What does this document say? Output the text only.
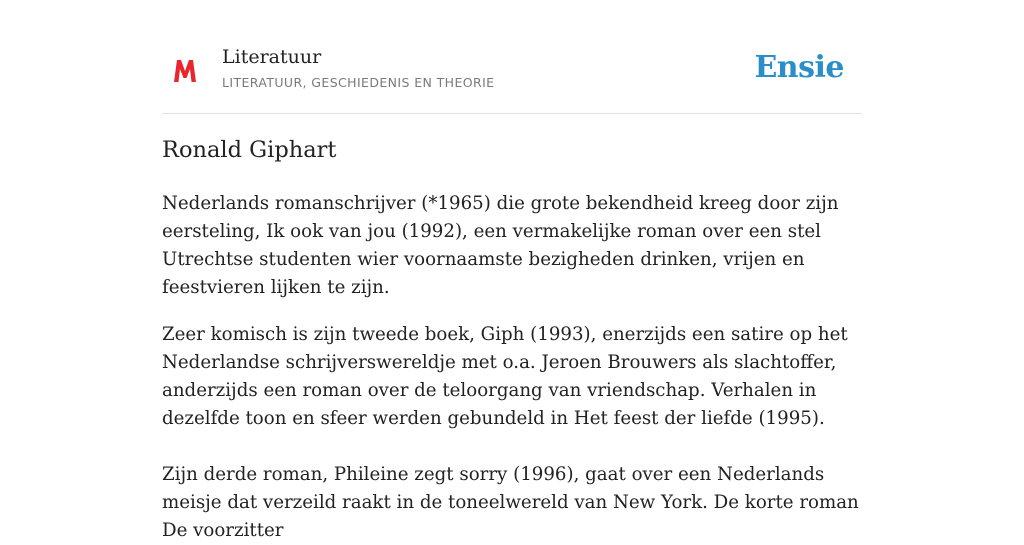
Literatuur
LITERATUUR, GESCHIEDENIS EN THEORIE	Ensie
Ronald Giphart

Nederlands romanschrijver (*1965) die grote bekendheid kreeg door zijn eersteling, Ik ook van jou (1992), een vermakelijke roman over een stel Utrechtse studenten wier voornaamste bezigheden drinken, vrijen en feestvieren lijken te zijn.

Zeer komisch is zijn tweede boek, Giph (1993), enerzijds een satire op het Nederlandse schrijverswereldje met o.a. Jeroen Brouwers als slachtoffer, anderzijds een roman over de teloorgang van vriendschap. Verhalen in dezelfde toon en sfeer werden gebundeld in Het feest der liefde (1995).

Zijn derde roman, Phileine zegt sorry (1996), gaat over een Nederlands meisje dat verzeild raakt in de toneelwereld van New York. De korte roman De voorzitter
